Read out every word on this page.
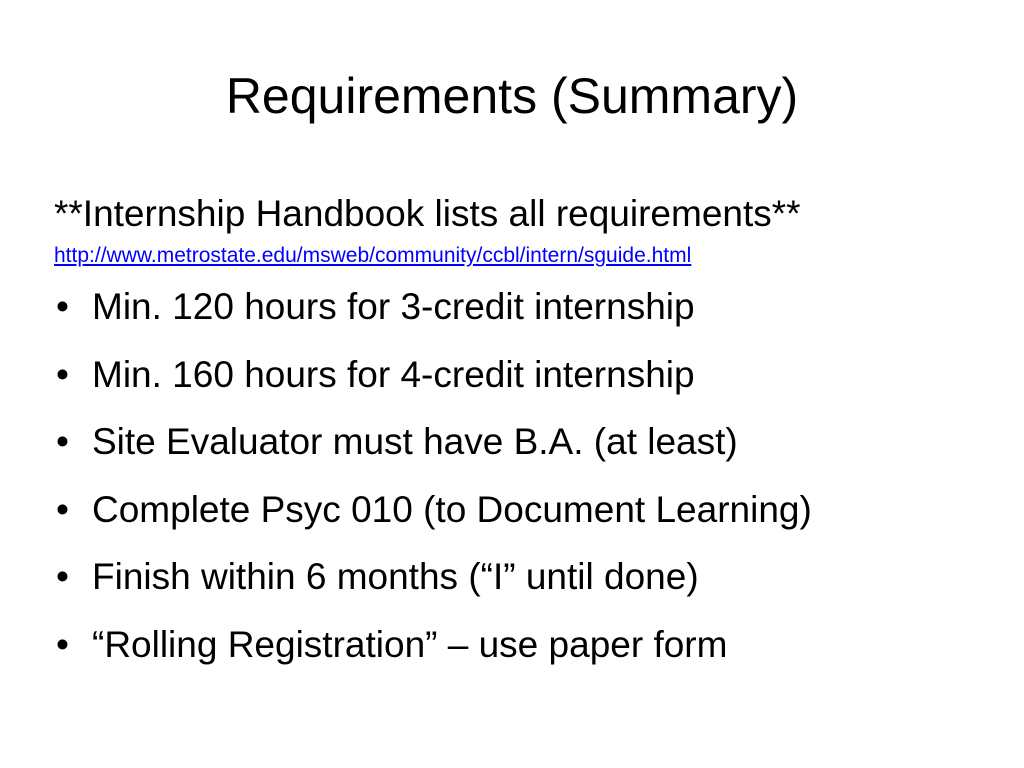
Requirements (Summary)
**Internship Handbook lists all requirements**
http://www.metrostate.edu/msweb/community/ccbl/intern/sguide.html
• Min. 120 hours for 3-credit internship
• Min. 160 hours for 4-credit internship
• Site Evaluator must have B.A. (at least)
• Complete Psyc 010 (to Document Learning)
• Finish within 6 months (“I” until done)
• “Rolling Registration” – use paper form
